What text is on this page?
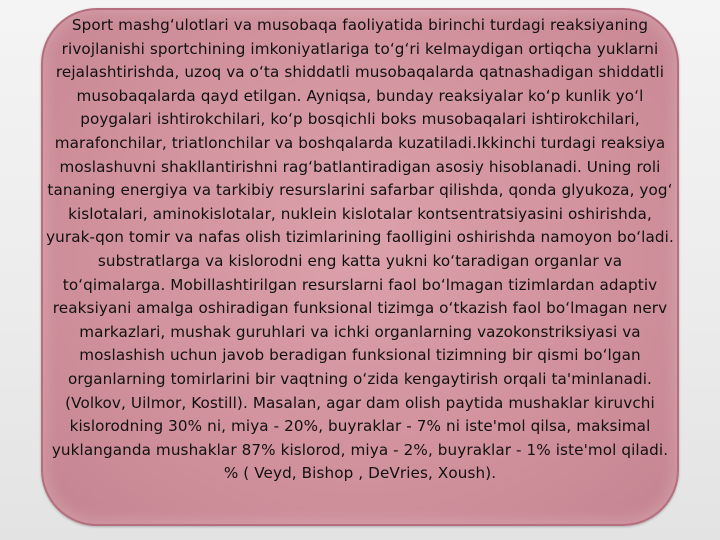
Sport mashgʻulotlari va musobaqa faoliyatida birinchi turdagi reaksiyaning rivojlanishi sportchining imkoniyatlariga toʻgʻri kelmaydigan ortiqcha yuklarni rejalashtirishda, uzoq va oʻta shiddatli musobaqalarda qatnashadigan shiddatli musobaqalarda qayd etilgan. Ayniqsa, bunday reaksiyalar koʻp kunlik yoʻl poygalari ishtirokchilari, koʻp bosqichli boks musobaqalari ishtirokchilari, marafonchilar, triatlonchilar va boshqalarda kuzatiladi.Ikkinchi turdagi reaksiya moslashuvni shakllantirishni ragʻbatlantiradigan asosiy hisoblanadi. Uning roli tananing energiya va tarkibiy resurslarini safarbar qilishda, qonda glyukoza, yogʻ kislotalari, aminokislotalar, nuklein kislotalar kontsentratsiyasini oshirishda, yurak-qon tomir va nafas olish tizimlarining faolligini oshirishda namoyon boʻladi. substratlarga va kislorodni eng katta yukni koʻtaradigan organlar va toʻqimalarga. Mobillashtirilgan resurslarni faol boʻlmagan tizimlardan adaptiv reaksiyani amalga oshiradigan funksional tizimga oʻtkazish faol boʻlmagan nerv markazlari, mushak guruhlari va ichki organlarning vazokonstriksiyasi va moslashish uchun javob beradigan funksional tizimning bir qismi boʻlgan organlarning tomirlarini bir vaqtning oʻzida kengaytirish orqali ta'minlanadi. (Volkov, Uilmor, Kostill). Masalan, agar dam olish paytida mushaklar kiruvchi kislorodning 30% ni, miya - 20%, buyraklar - 7% ni iste'mol qilsa, maksimal yuklanganda mushaklar 87% kislorod, miya - 2%, buyraklar - 1% iste'mol qiladi. % ( Veyd, Bishop , DeVries, Xoush).
